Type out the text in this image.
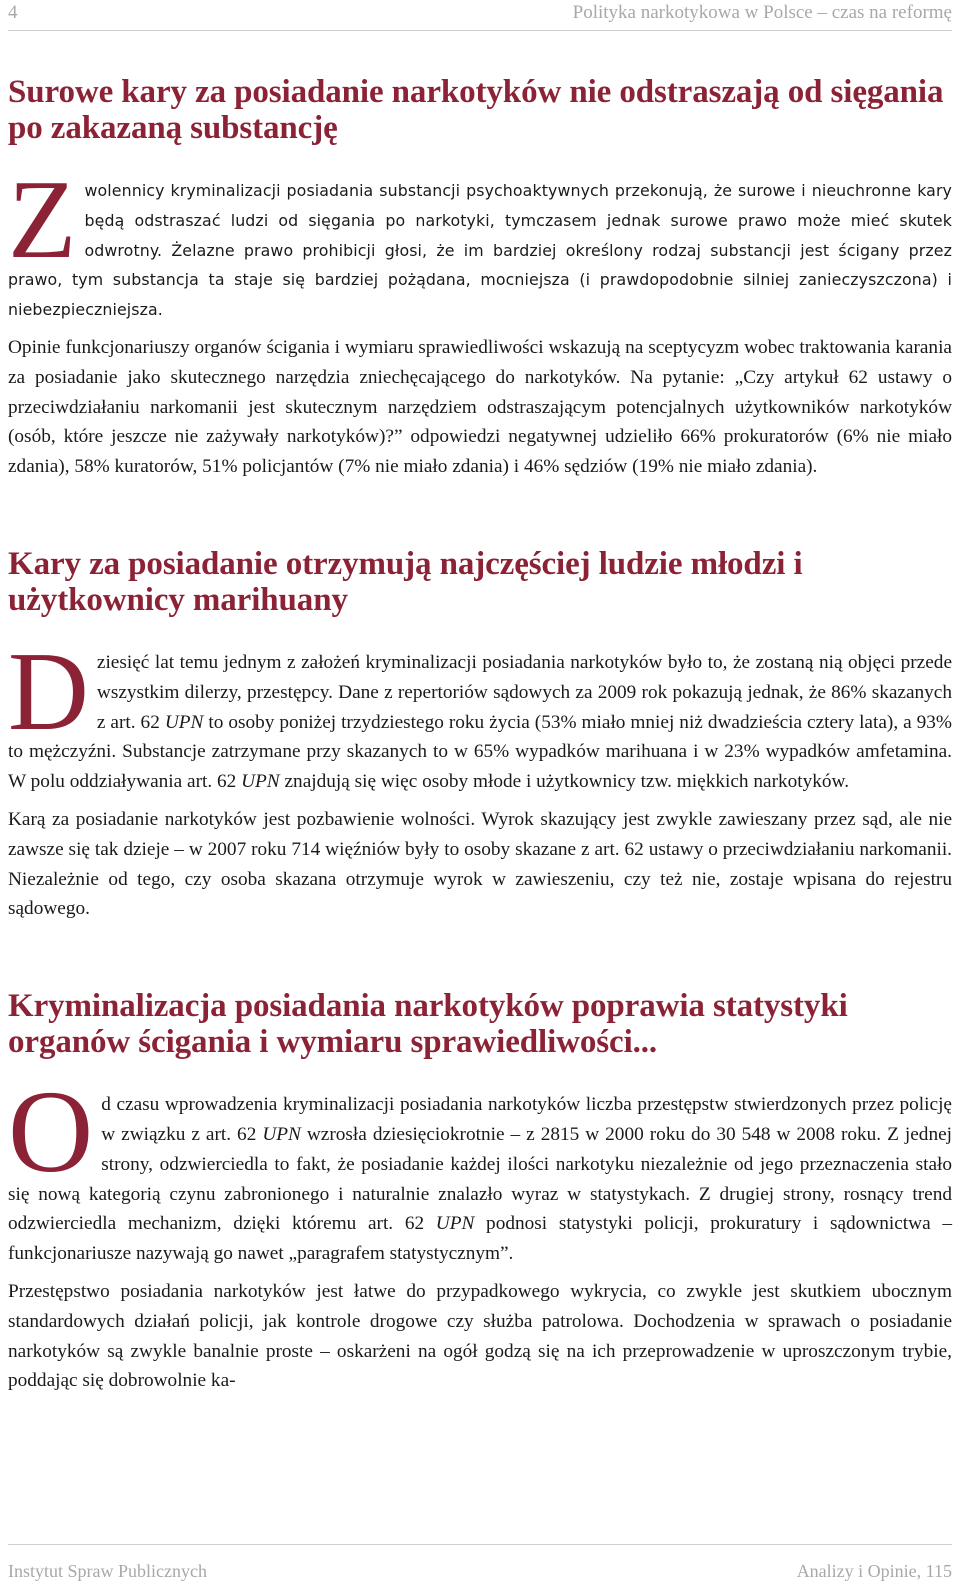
4	Polityka narkotykowa w Polsce – czas na reformę
Surowe kary za posiadanie narkotyków nie odstraszają od sięgania po zakazaną substancję

Zwolennicy kryminalizacji posiadania substancji psychoaktywnych przekonują, że surowe i nieuchronne kary będą odstraszać ludzi od sięgania po narkotyki, tymczasem jednak surowe prawo może mieć skutek odwrotny. Żelazne prawo prohibicji głosi, że im bardziej określony rodzaj substancji jest ścigany przez prawo, tym substancja ta staje się bardziej pożądana, mocniejsza (i prawdopodobnie silniej zanieczyszczona) i niebezpieczniejsza.

Opinie funkcjonariuszy organów ścigania i wymiaru sprawiedliwości wskazują na sceptycyzm wobec traktowania karania za posiadanie jako skutecznego narzędzia zniechęcającego do narkotyków. Na pytanie: „Czy artykuł 62 ustawy o przeciwdziałaniu narkomanii jest skutecznym narzędziem odstraszającym potencjalnych użytkowników narkotyków (osób, które jeszcze nie zażywały narkotyków)?” odpowiedzi negatywnej udzieliło 66% prokuratorów (6% nie miało zdania), 58% kuratorów, 51% policjantów (7% nie miało zdania) i 46% sędziów (19% nie miało zdania).

Kary za posiadanie otrzymują najczęściej ludzie młodzi i użytkownicy marihuany

Dziesięć lat temu jednym z założeń kryminalizacji posiadania narkotyków było to, że zostaną nią objęci przede wszystkim dilerzy, przestępcy. Dane z repertoriów sądowych za 2009 rok pokazują jednak, że 86% skazanych z art. 62 UPN to osoby poniżej trzydziestego roku życia (53% miało mniej niż dwadzieścia cztery lata), a 93% to mężczyźni. Substancje zatrzymane przy skazanych to w 65% wypadków marihuana i w 23% wypadków amfetamina. W polu oddziaływania art. 62 UPN znajdują się więc osoby młode i użytkownicy tzw. miękkich narkotyków.

Karą za posiadanie narkotyków jest pozbawienie wolności. Wyrok skazujący jest zwykle zawieszany przez sąd, ale nie zawsze się tak dzieje – w 2007 roku 714 więźniów były to osoby skazane z art. 62 ustawy o przeciwdziałaniu narkomanii. Niezależnie od tego, czy osoba skazana otrzymuje wyrok w zawieszeniu, czy też nie, zostaje wpisana do rejestru sądowego.

Kryminalizacja posiadania narkotyków poprawia statystyki organów ścigania i wymiaru sprawiedliwości...

Od czasu wprowadzenia kryminalizacji posiadania narkotyków liczba przestępstw stwierdzonych przez policję w związku z art. 62 UPN wzrosła dziesięciokrotnie – z 2815 w 2000 roku do 30 548 w 2008 roku. Z jednej strony, odzwierciedla to fakt, że posiadanie każdej ilości narkotyku niezależnie od jego przeznaczenia stało się nową kategorią czynu zabronionego i naturalnie znalazło wyraz w statystykach. Z drugiej strony, rosnący trend odzwierciedla mechanizm, dzięki któremu art. 62 UPN podnosi statystyki policji, prokuratury i sądownictwa – funkcjonariusze nazywają go nawet „paragrafem statystycznym”.

Przestępstwo posiadania narkotyków jest łatwe do przypadkowego wykrycia, co zwykle jest skutkiem ubocznym standardowych działań policji, jak kontrole drogowe czy służba patrolowa. Dochodzenia w sprawach o posiadanie narkotyków są zwykle banalnie proste – oskarżeni na ogół godzą się na ich przeprowadzenie w uproszczonym trybie, poddając się dobrowolnie ka-

Instytut Spraw Publicznych	Analizy i Opinie, 115
